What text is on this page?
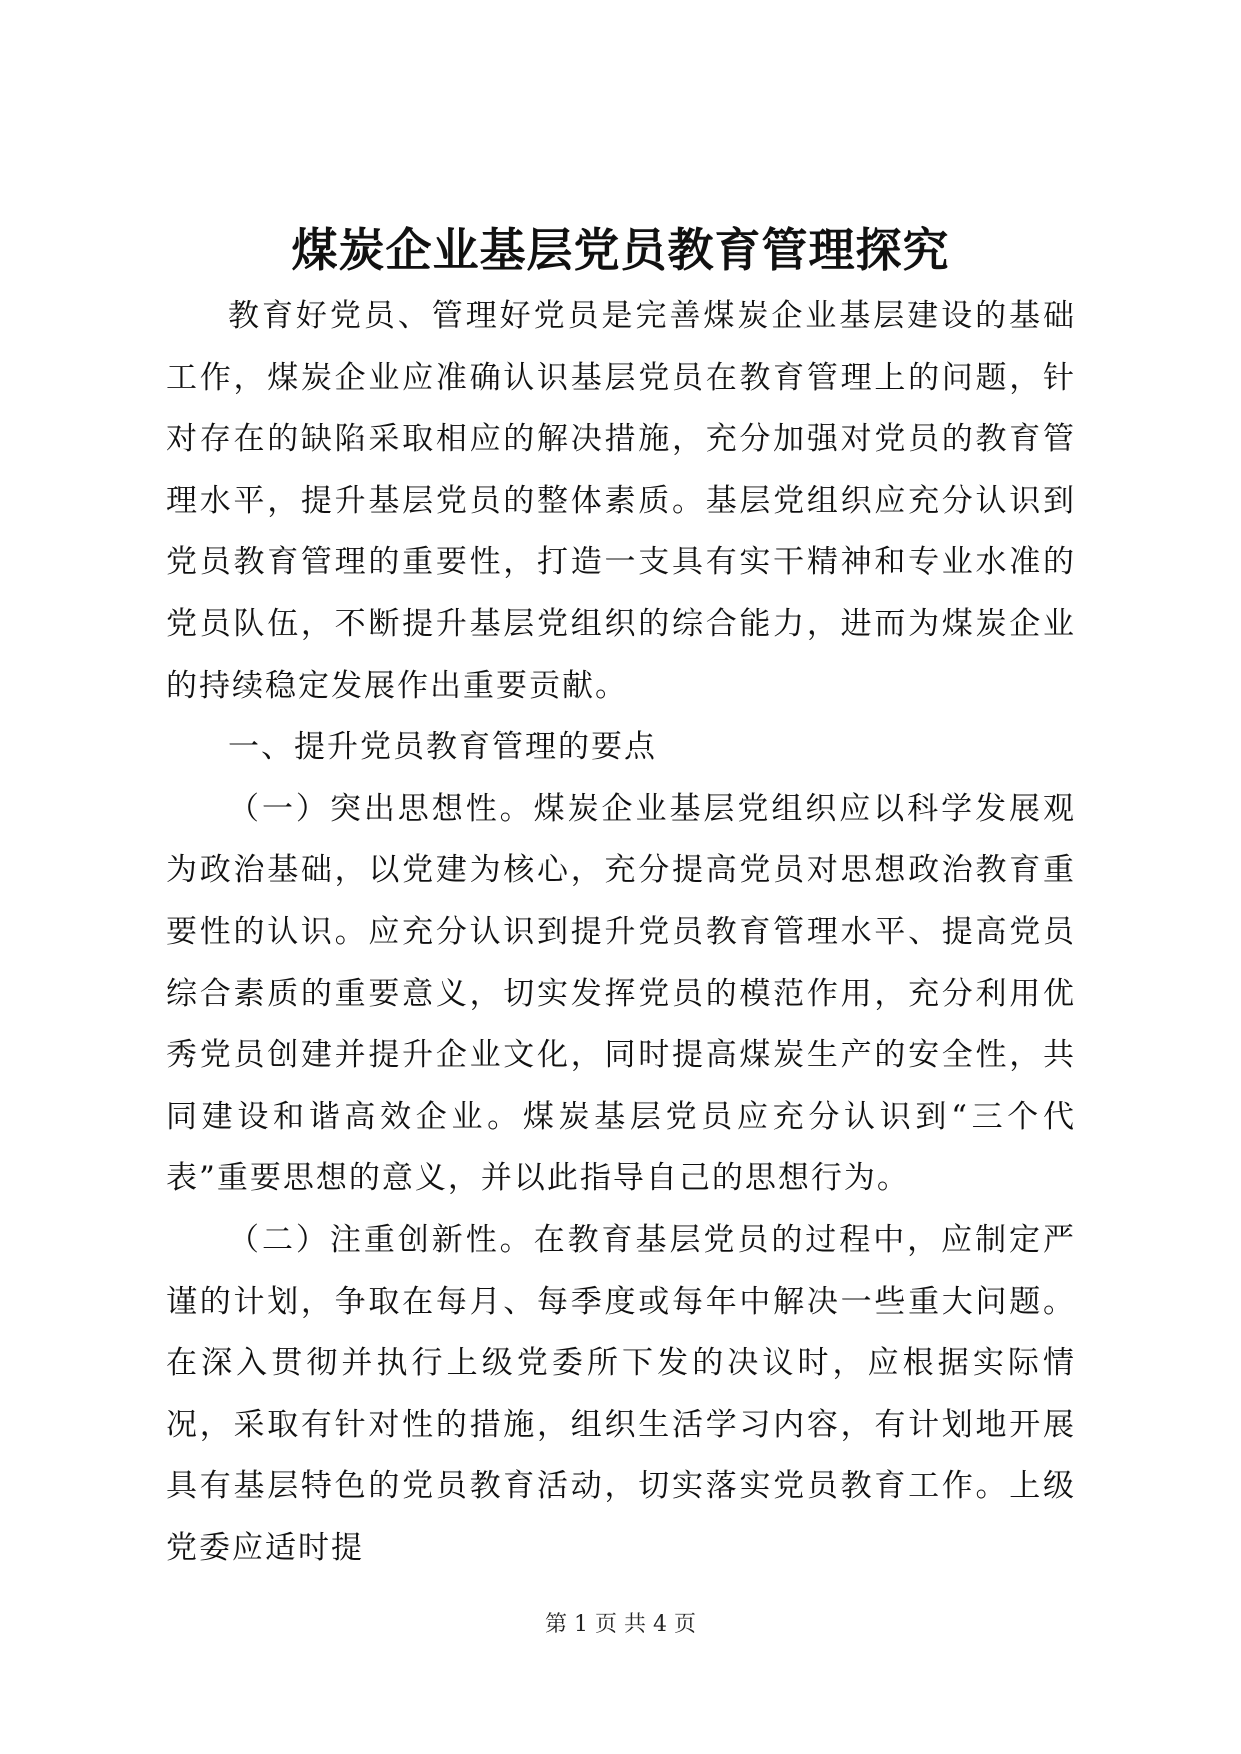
煤炭企业基层党员教育管理探究

教育好党员、管理好党员是完善煤炭企业基层建设的基础工作，煤炭企业应准确认识基层党员在教育管理上的问题，针对存在的缺陷采取相应的解决措施，充分加强对党员的教育管理水平，提升基层党员的整体素质。基层党组织应充分认识到党员教育管理的重要性，打造一支具有实干精神和专业水准的党员队伍，不断提升基层党组织的综合能力，进而为煤炭企业的持续稳定发展作出重要贡献。

一、提升党员教育管理的要点

（一）突出思想性。煤炭企业基层党组织应以科学发展观为政治基础，以党建为核心，充分提高党员对思想政治教育重要性的认识。应充分认识到提升党员教育管理水平、提高党员综合素质的重要意义，切实发挥党员的模范作用，充分利用优秀党员创建并提升企业文化，同时提高煤炭生产的安全性，共同建设和谐高效企业。煤炭基层党员应充分认识到“三个代表”重要思想的意义，并以此指导自己的思想行为。

（二）注重创新性。在教育基层党员的过程中，应制定严谨的计划，争取在每月、每季度或每年中解决一些重大问题。在深入贯彻并执行上级党委所下发的决议时，应根据实际情况，采取有针对性的措施，组织生活学习内容，有计划地开展具有基层特色的党员教育活动，切实落实党员教育工作。上级党委应适时提

第 1 页 共 4 页
